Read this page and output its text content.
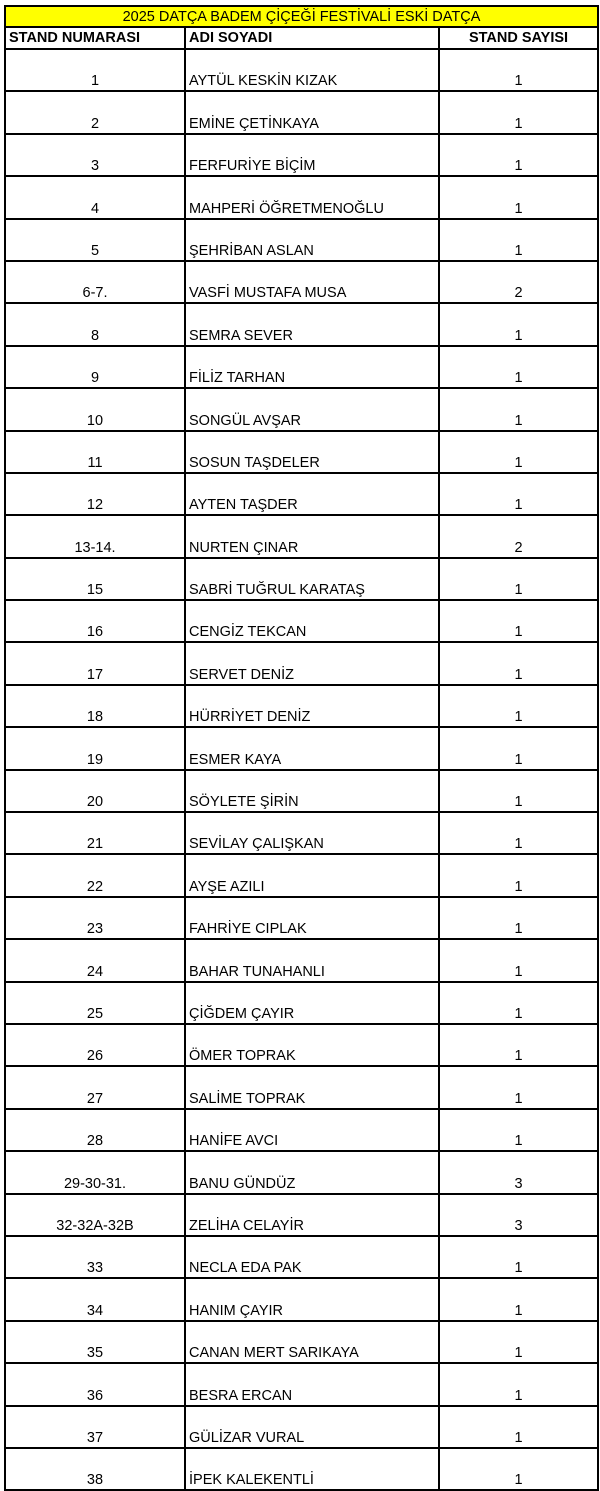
2025 DATÇA BADEM ÇİÇEĞİ FESTİVALİ ESKİ DATÇA		
STAND NUMARASI	ADI SOYADI	STAND SAYISI
1	AYTÜL KESKİN KIZAK	1
2	EMİNE ÇETİNKAYA	1
3	FERFURİYE BİÇİM	1
4	MAHPERİ ÖĞRETMENOĞLU	1
5	ŞEHRİBAN ASLAN	1
6-7.	VASFİ MUSTAFA MUSA	2
8	SEMRA SEVER	1
9	FİLİZ TARHAN	1
10	SONGÜL AVŞAR	1
11	SOSUN TAŞDELER	1
12	AYTEN TAŞDER	1
13-14.	NURTEN ÇINAR	2
15	SABRİ TUĞRUL KARATAŞ	1
16	CENGİZ TEKCAN	1
17	SERVET DENİZ	1
18	HÜRRİYET DENİZ	1
19	ESMER KAYA	1
20	SÖYLETE ŞİRİN	1
21	SEVİLAY ÇALIŞKAN	1
22	AYŞE AZILI	1
23	FAHRİYE CIPLAK	1
24	BAHAR TUNAHANLI	1
25	ÇİĞDEM ÇAYIR	1
26	ÖMER TOPRAK	1
27	SALİME TOPRAK	1
28	HANİFE AVCI	1
29-30-31.	BANU GÜNDÜZ	3
32-32A-32B	ZELİHA CELAYİR	3
33	NECLA EDA PAK	1
34	HANIM ÇAYIR	1
35	CANAN MERT SARIKAYA	1
36	BESRA ERCAN	1
37	GÜLİZAR VURAL	1
38	İPEK KALEKENTLİ	1
